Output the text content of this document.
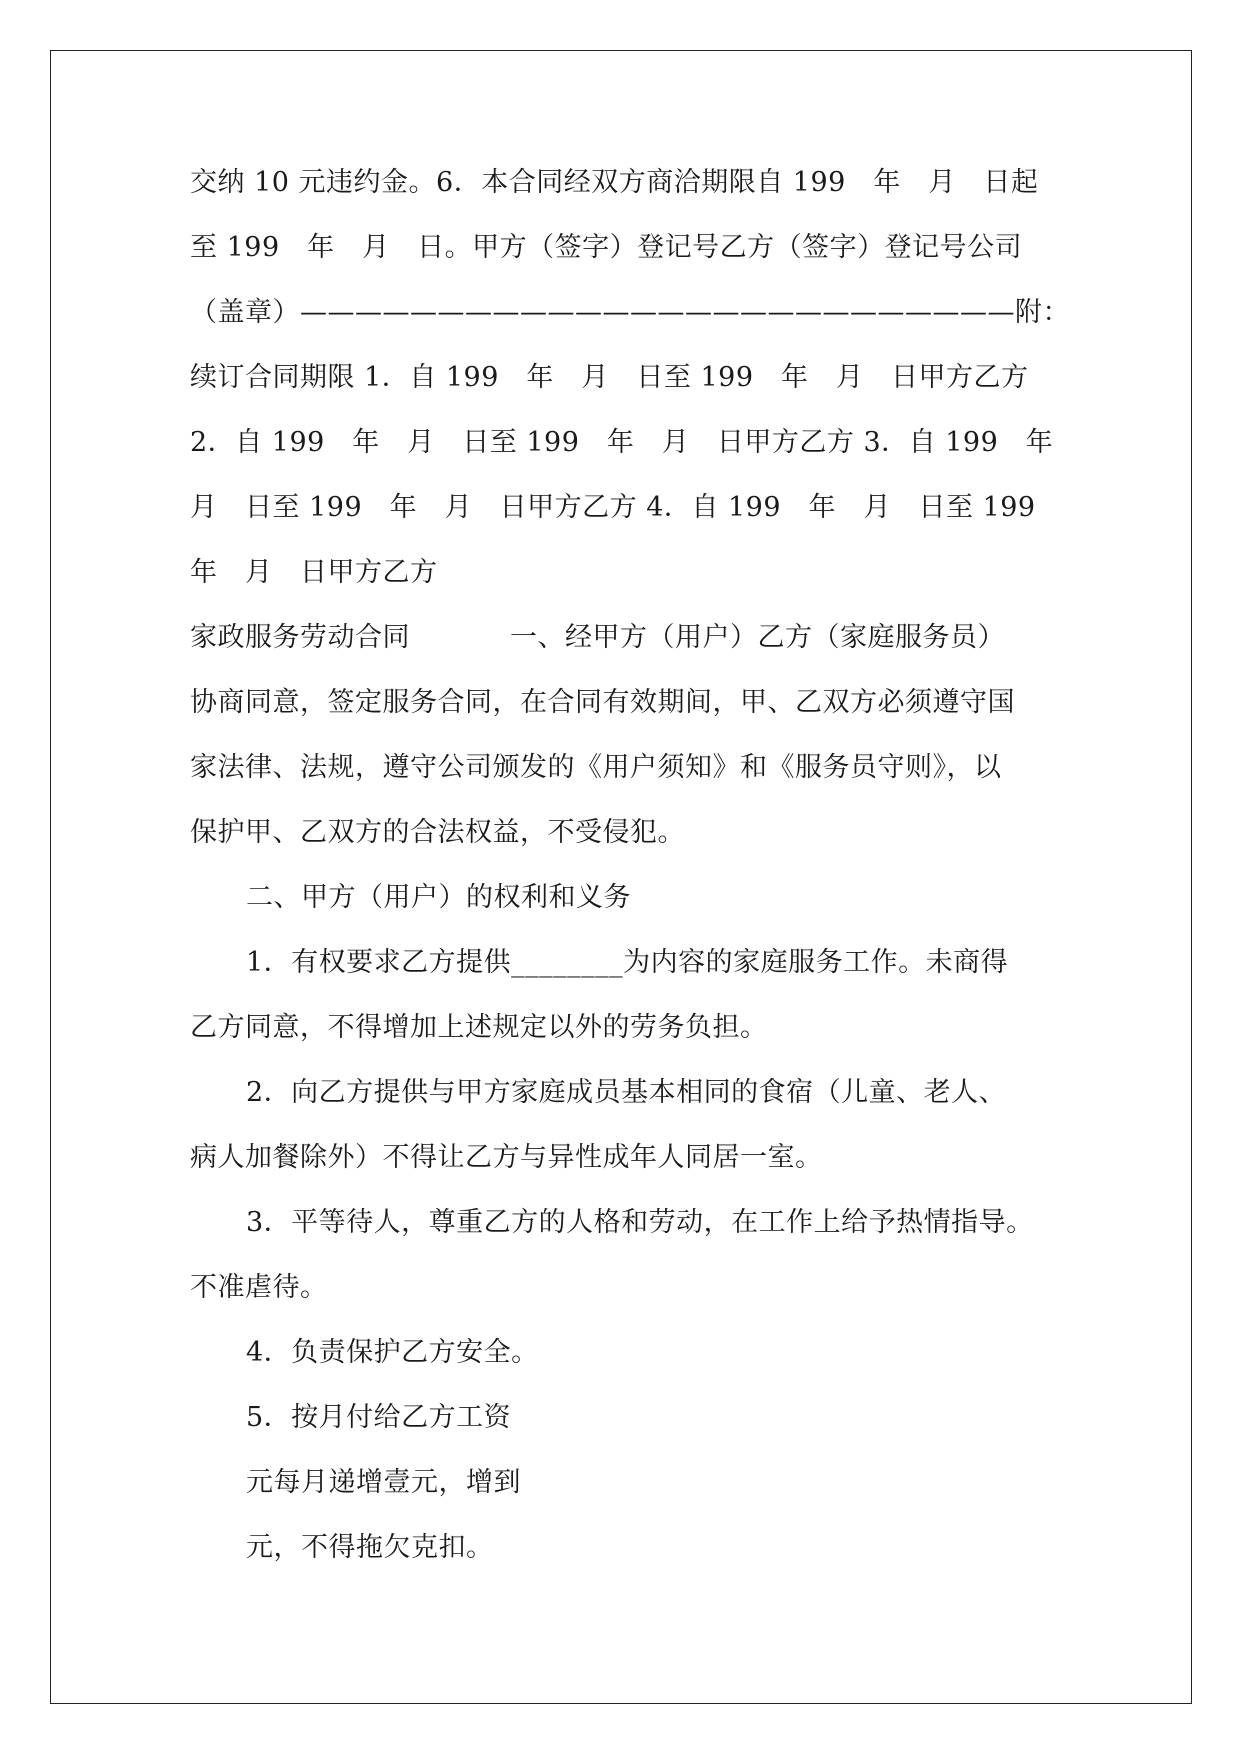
交纳 10 元违约金。6．本合同经双方商洽期限自 199　年　月　日起
至 199　年　月　日。甲方（签字）登记号乙方（签字）登记号公司
（盖章）——————————————————————————附：
续订合同期限 1．自 199　年　月　日至 199　年　月　日甲方乙方
2．自 199　年　月　日至 199　年　月　日甲方乙方 3．自 199　年
月　日至 199　年　月　日甲方乙方 4．自 199　年　月　日至 199
年　月　日甲方乙方
家政服务劳动合同	一、经甲方（用户）乙方（家庭服务员）
协商同意，签定服务合同，在合同有效期间，甲、乙双方必须遵守国
家法律、法规，遵守公司颁发的《用户须知》和《服务员守则》，以
保护甲、乙双方的合法权益，不受侵犯。
二、甲方（用户）的权利和义务
1．有权要求乙方提供________为内容的家庭服务工作。未商得
乙方同意，不得增加上述规定以外的劳务负担。
2．向乙方提供与甲方家庭成员基本相同的食宿（儿童、老人、
病人加餐除外）不得让乙方与异性成年人同居一室。
3．平等待人，尊重乙方的人格和劳动，在工作上给予热情指导。
不准虐待。
4．负责保护乙方安全。
5．按月付给乙方工资
元每月递增壹元，增到
元，不得拖欠克扣。
